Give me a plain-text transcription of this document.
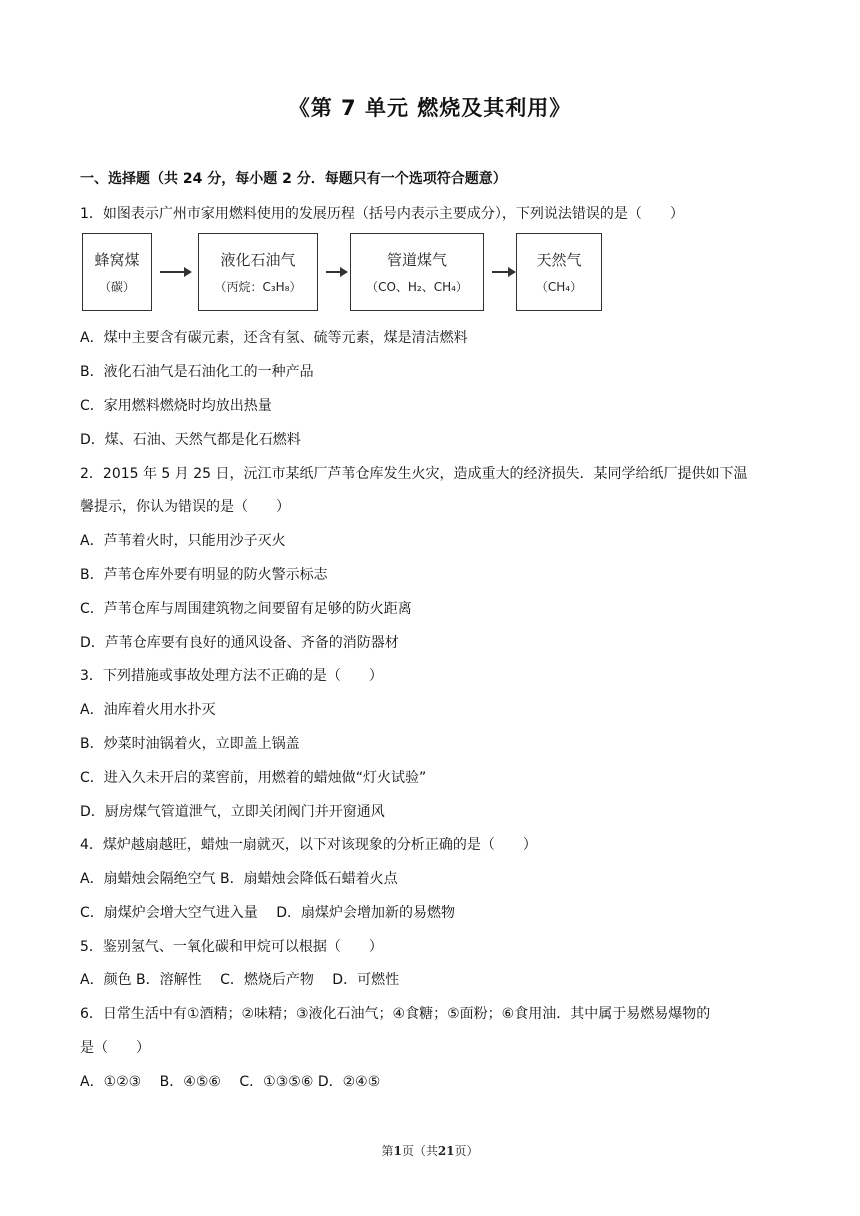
《第 7 单元 燃烧及其利用》
一、选择题（共 24 分，每小题 2 分．每题只有一个选项符合题意）
1．如图表示广州市家用燃料使用的发展历程（括号内表示主要成分），下列说法错误的是（　　）
蜂窝煤
（碳）
液化石油气
（丙烷：C₃H₈）
管道煤气
（CO、H₂、CH₄）
天然气
（CH₄）
A．煤中主要含有碳元素，还含有氢、硫等元素，煤是清洁燃料
B．液化石油气是石油化工的一种产品
C．家用燃料燃烧时均放出热量
D．煤、石油、天然气都是化石燃料
2．2015 年 5 月 25 日，沅江市某纸厂芦苇仓库发生火灾，造成重大的经济损失．某同学给纸厂提供如下温
馨提示，你认为错误的是（　　）
A．芦苇着火时，只能用沙子灭火
B．芦苇仓库外要有明显的防火警示标志
C．芦苇仓库与周围建筑物之间要留有足够的防火距离
D．芦苇仓库要有良好的通风设备、齐备的消防器材
3．下列措施或事故处理方法不正确的是（　　）
A．油库着火用水扑灭
B．炒菜时油锅着火，立即盖上锅盖
C．进入久未开启的菜窖前，用燃着的蜡烛做“灯火试验”
D．厨房煤气管道泄气，立即关闭阀门并开窗通风
4．煤炉越扇越旺，蜡烛一扇就灭，以下对该现象的分析正确的是（　　）
A．扇蜡烛会隔绝空气 B．扇蜡烛会降低石蜡着火点
C．扇煤炉会增大空气进入量　 D．扇煤炉会增加新的易燃物
5．鉴别氢气、一氧化碳和甲烷可以根据（　　）
A．颜色 B．溶解性　 C．燃烧后产物　 D．可燃性
6．日常生活中有①酒精；②味精；③液化石油气；④食糖；⑤面粉；⑥食用油．其中属于易燃易爆物的
是（　　）
A．①②③　 B．④⑤⑥　 C．①③⑤⑥ D．②④⑤
第1页（共21页）
